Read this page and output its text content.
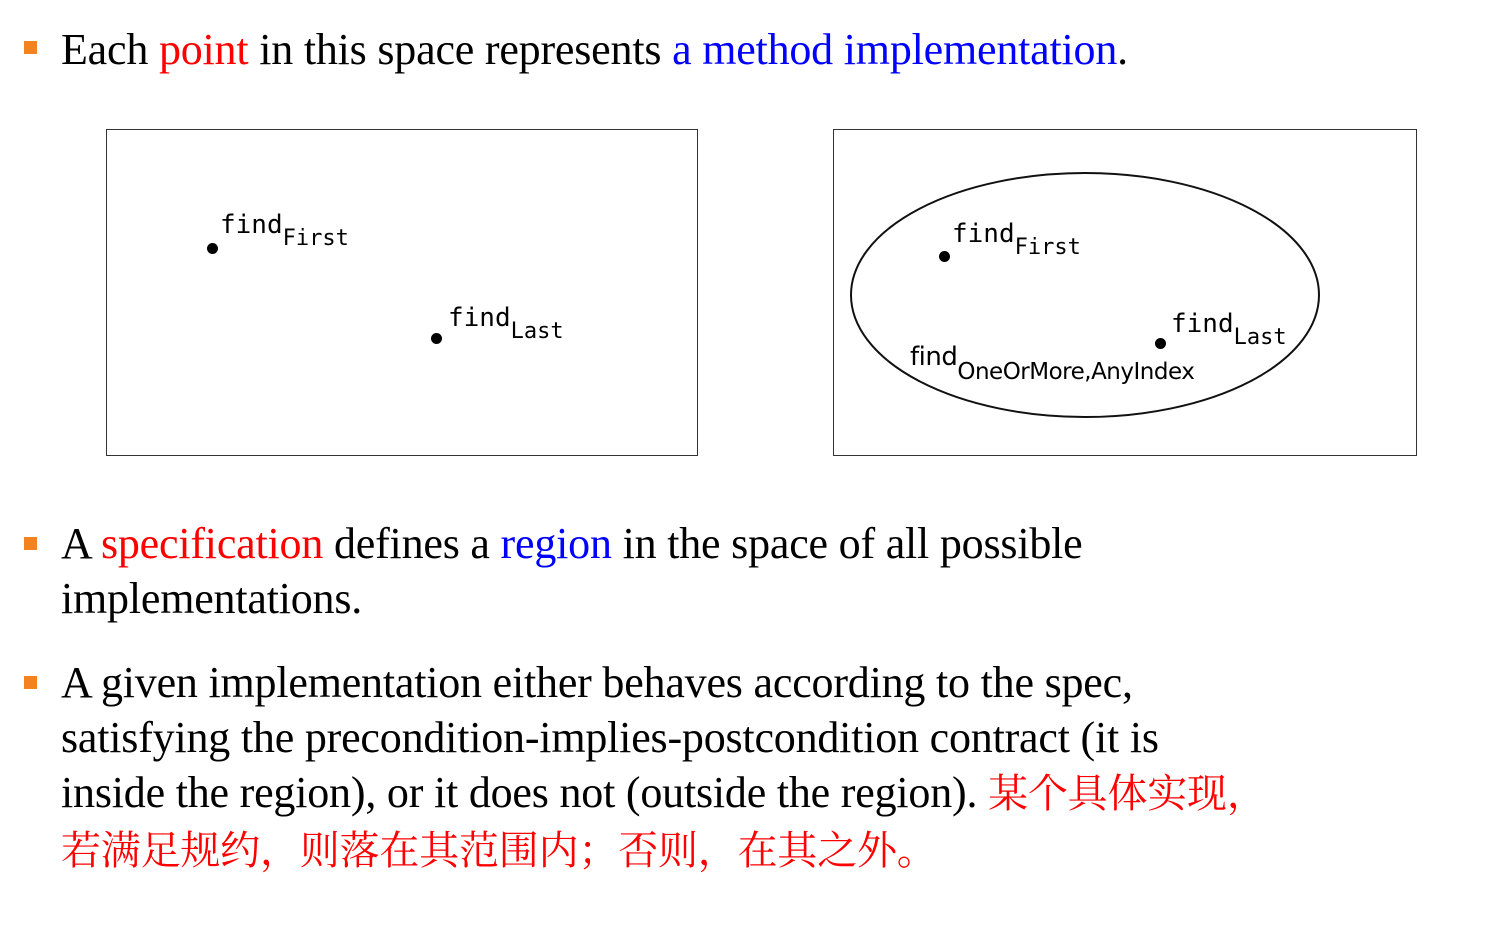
Each point in this space represents a method implementation.
find$_{First}$
find$_{Last}$
find$_{First}$
find$_{Last}$
findOneOrMore,AnyIndex
A specification defines a region in the space of all possible
implementations.
A given implementation either behaves according to the spec,
satisfying the precondition-implies-postcondition contract (it is
inside the region), or it does not (outside the region). 某个具体实现，
若满足规约，则落在其范围内；否则，在其之外。
